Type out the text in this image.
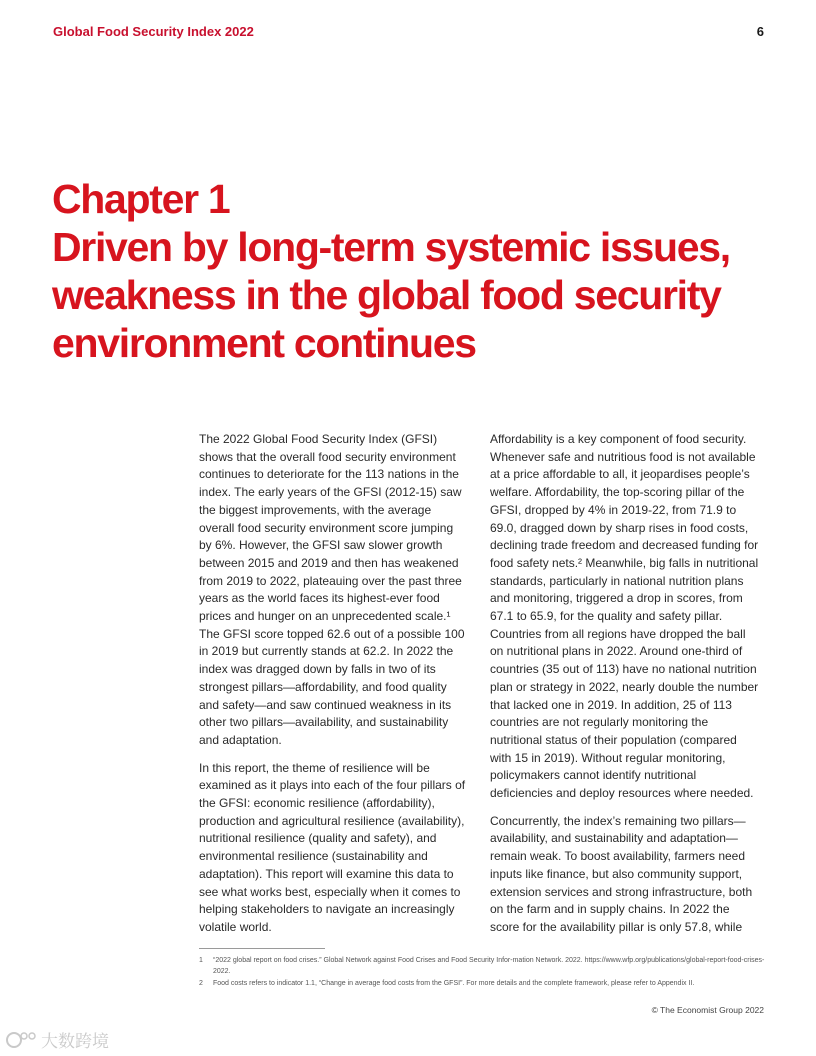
Global Food Security Index 2022	6
Chapter 1
Driven by long-term systemic issues,
weakness in the global food security
environment continues

The 2022 Global Food Security Index (GFSI) shows that the overall food security environment continues to deteriorate for the 113 nations in the index. The early years of the GFSI (2012-15) saw the biggest improvements, with the average overall food security environment score jumping by 6%. However, the GFSI saw slower growth between 2015 and 2019 and then has weakened from 2019 to 2022, plateauing over the past three years as the world faces its highest-ever food prices and hunger on an unprecedented scale.¹ The GFSI score topped 62.6 out of a possible 100 in 2019 but currently stands at 62.2. In 2022 the index was dragged down by falls in two of its strongest pillars—affordability, and food quality and safety—and saw continued weakness in its other two pillars—availability, and sustainability and adaptation.

In this report, the theme of resilience will be examined as it plays into each of the four pillars of the GFSI: economic resilience (affordability), production and agricultural resilience (availability), nutritional resilience (quality and safety), and environmental resilience (sustainability and adaptation). This report will examine this data to see what works best, especially when it comes to helping stakeholders to navigate an increasingly volatile world.

Affordability is a key component of food security. Whenever safe and nutritious food is not available at a price affordable to all, it jeopardises people’s welfare. Affordability, the top-scoring pillar of the GFSI, dropped by 4% in 2019-22, from 71.9 to 69.0, dragged down by sharp rises in food costs, declining trade freedom and decreased funding for food safety nets.² Meanwhile, big falls in nutritional standards, particularly in national nutrition plans and monitoring, triggered a drop in scores, from 67.1 to 65.9, for the quality and safety pillar. Countries from all regions have dropped the ball on nutritional plans in 2022. Around one-third of countries (35 out of 113) have no national nutrition plan or strategy in 2022, nearly double the number that lacked one in 2019. In addition, 25 of 113 countries are not regularly monitoring the nutritional status of their population (compared with 15 in 2019). Without regular monitoring, policymakers cannot identify nutritional deficiencies and deploy resources where needed.

Concurrently, the index’s remaining two pillars—availability, and sustainability and adaptation—remain weak. To boost availability, farmers need inputs like finance, but also community support, extension services and strong infrastructure, both on the farm and in supply chains. In 2022 the score for the availability pillar is only 57.8, while

1	“2022 global report on food crises.” Global Network against Food Crises and Food Security Infor-mation Network. 2022. https://www.wfp.org/publications/global-report-food-crises-2022.
2	Food costs refers to indicator 1.1, “Change in average food costs from the GFSI”. For more details and the complete framework, please refer to Appendix II.
© The Economist Group 2022
大数跨境
